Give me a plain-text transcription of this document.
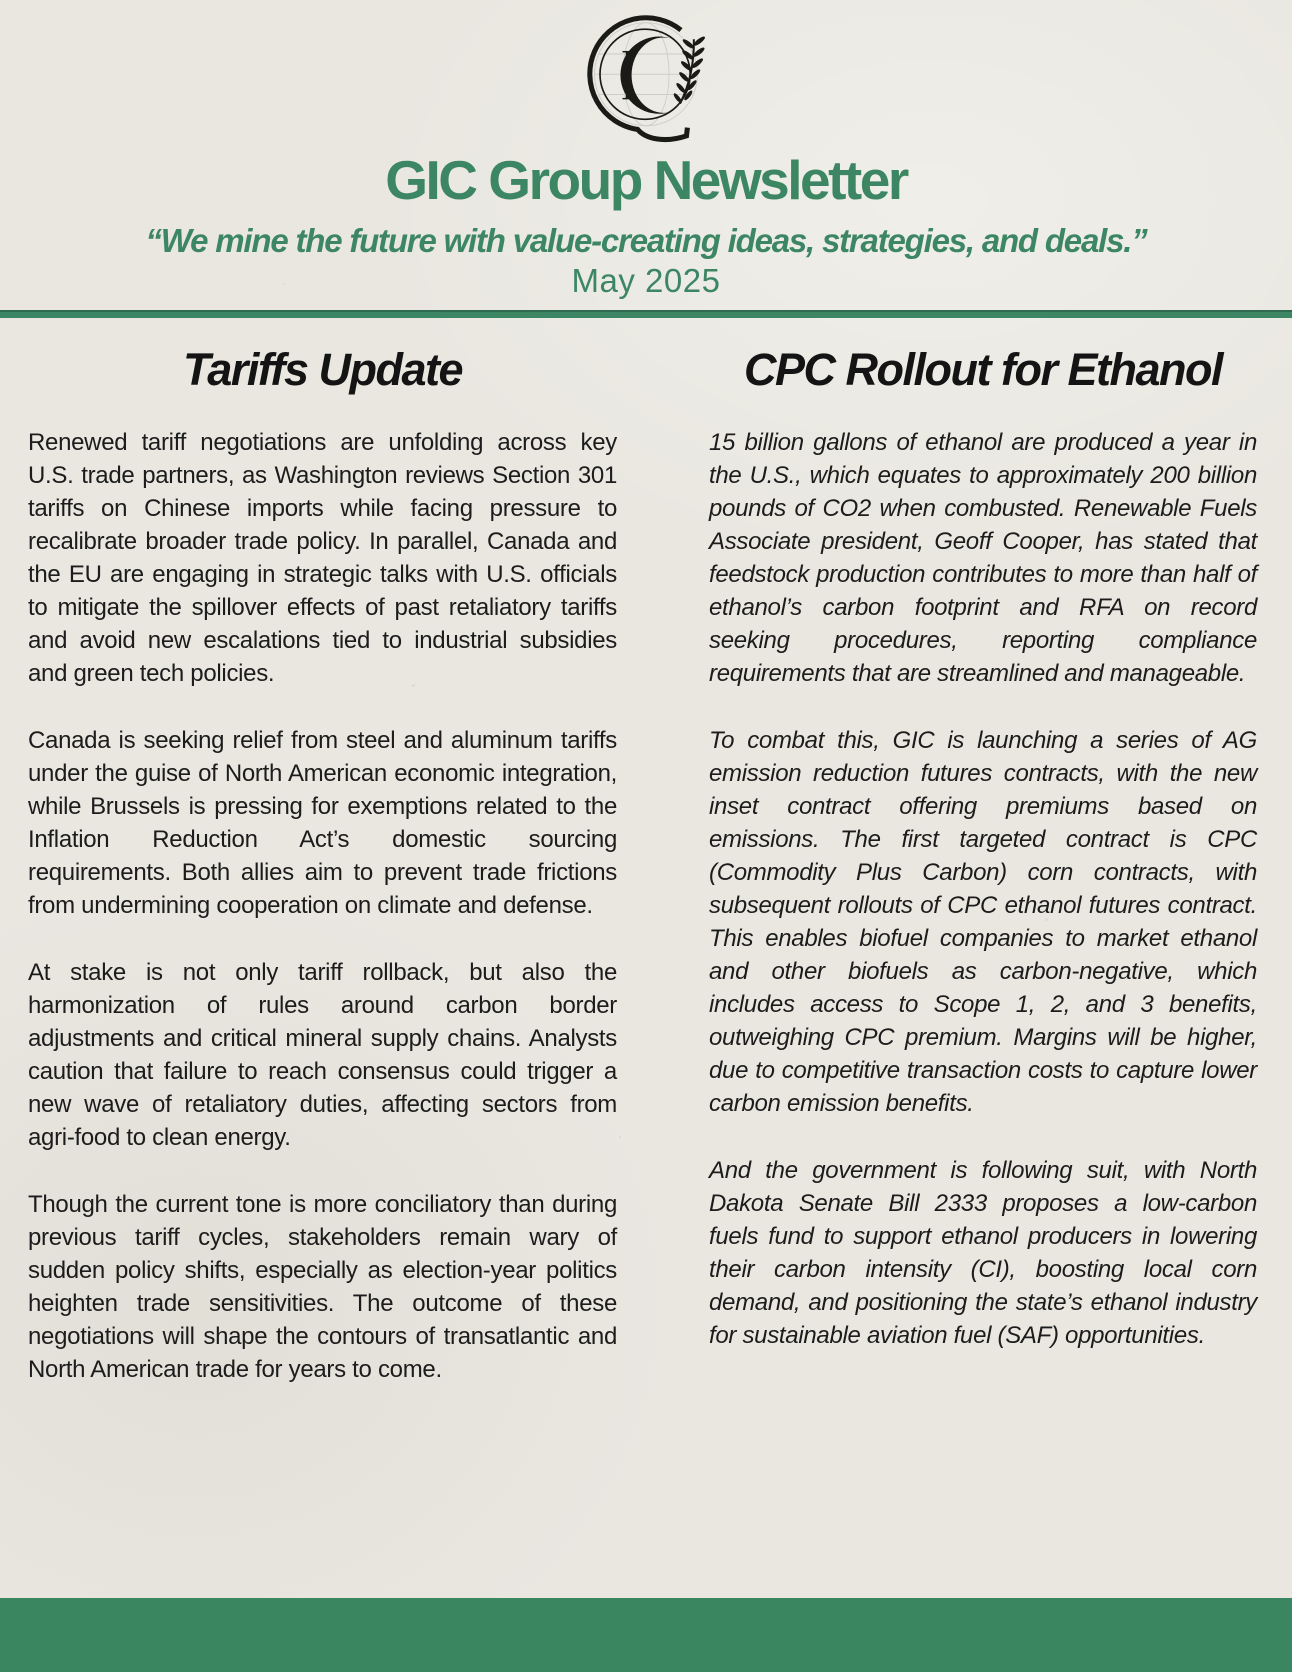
GIC Group Newsletter

“We mine the future with value-creating ideas, strategies, and deals.”

May 2025

Tariffs Update

Renewed tariff negotiations are unfolding across key U.S. trade partners, as Washington reviews Section 301 tariffs on Chinese imports while facing pressure to recalibrate broader trade policy. In parallel, Canada and the EU are engaging in strategic talks with U.S. officials to mitigate the spillover effects of past retaliatory tariffs and avoid new escalations tied to industrial subsidies and green tech policies.

Canada is seeking relief from steel and aluminum tariffs under the guise of North American economic integration, while Brussels is pressing for exemptions related to the Inflation Reduction Act’s domestic sourcing requirements. Both allies aim to prevent trade frictions from undermining cooperation on climate and defense.

At stake is not only tariff rollback, but also the harmonization of rules around carbon border adjustments and critical mineral supply chains. Analysts caution that failure to reach consensus could trigger a new wave of retaliatory duties, affecting sectors from agri-food to clean energy.

Though the current tone is more conciliatory than during previous tariff cycles, stakeholders remain wary of sudden policy shifts, especially as election-year politics heighten trade sensitivities. The outcome of these negotiations will shape the contours of transatlantic and North American trade for years to come.

CPC Rollout for Ethanol

15 billion gallons of ethanol are produced a year in the U.S., which equates to approximately 200 billion pounds of CO2 when combusted. Renewable Fuels Associate president, Geoff Cooper, has stated that feedstock production contributes to more than half of ethanol’s carbon footprint and RFA on record seeking procedures, reporting compliance requirements that are streamlined and manageable.

To combat this, GIC is launching a series of AG emission reduction futures contracts, with the new inset contract offering premiums based on emissions. The first targeted contract is CPC (Commodity Plus Carbon) corn contracts, with subsequent rollouts of CPC ethanol futures contract. This enables biofuel companies to market ethanol and other biofuels as carbon-negative, which includes access to Scope 1, 2, and 3 benefits, outweighing CPC premium. Margins will be higher, due to competitive transaction costs to capture lower carbon emission benefits.

And the government is following suit, with North Dakota Senate Bill 2333 proposes a low-carbon fuels fund to support ethanol producers in lowering their carbon intensity (CI), boosting local corn demand, and positioning the state’s ethanol industry for sustainable aviation fuel (SAF) opportunities.
